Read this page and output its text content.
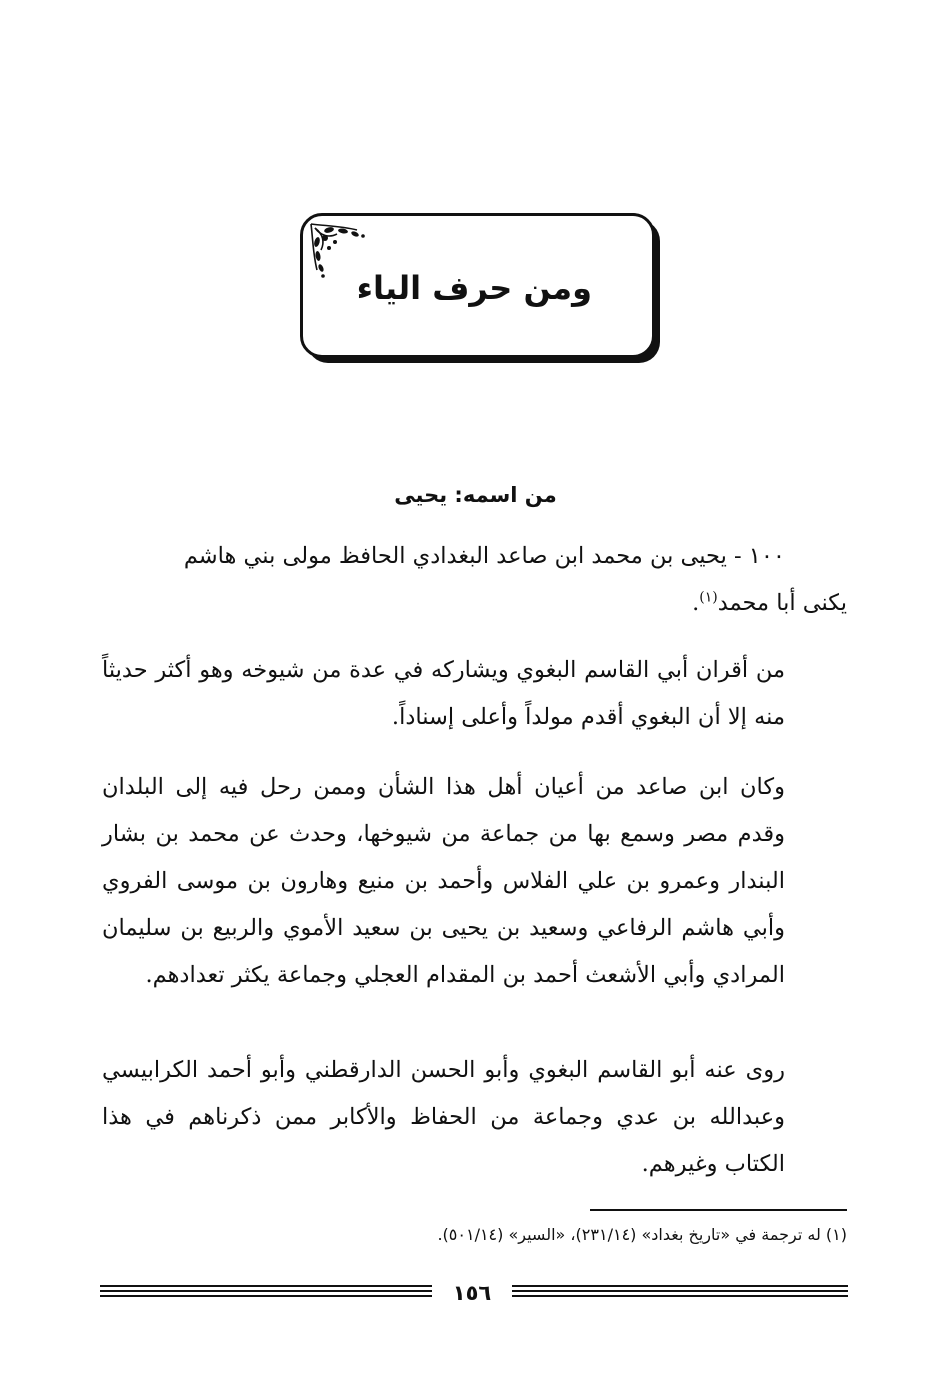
ومن حرف الياء
من اسمه: يحيى

١٠٠ - يحيى بن محمد ابن صاعد البغدادي الحافظ مولى بني هاشم

يكنى أبا محمد$^{(١)}$.

من أقران أبي القاسم البغوي ويشاركه في عدة من شيوخه وهو أكثر حديثاً منه إلا أن البغوي أقدم مولداً وأعلى إسناداً.

وكان ابن صاعد من أعيان أهل هذا الشأن وممن رحل فيه إلى البلدان وقدم مصر وسمع بها من جماعة من شيوخها، وحدث عن محمد بن بشار البندار وعمرو بن علي الفلاس وأحمد بن منيع وهارون بن موسى الفروي وأبي هاشم الرفاعي وسعيد بن يحيى بن سعيد الأموي والربيع بن سليمان المرادي وأبي الأشعث أحمد بن المقدام العجلي وجماعة يكثر تعدادهم.

روى عنه أبو القاسم البغوي وأبو الحسن الدارقطني وأبو أحمد الكرابيسي وعبدالله بن عدي وجماعة من الحفاظ والأكابر ممن ذكرناهم في هذا الكتاب وغيرهم.

(١) له ترجمة في «تاريخ بغداد» (٢٣١/١٤)، «السير» (٥٠١/١٤).
١٥٦
